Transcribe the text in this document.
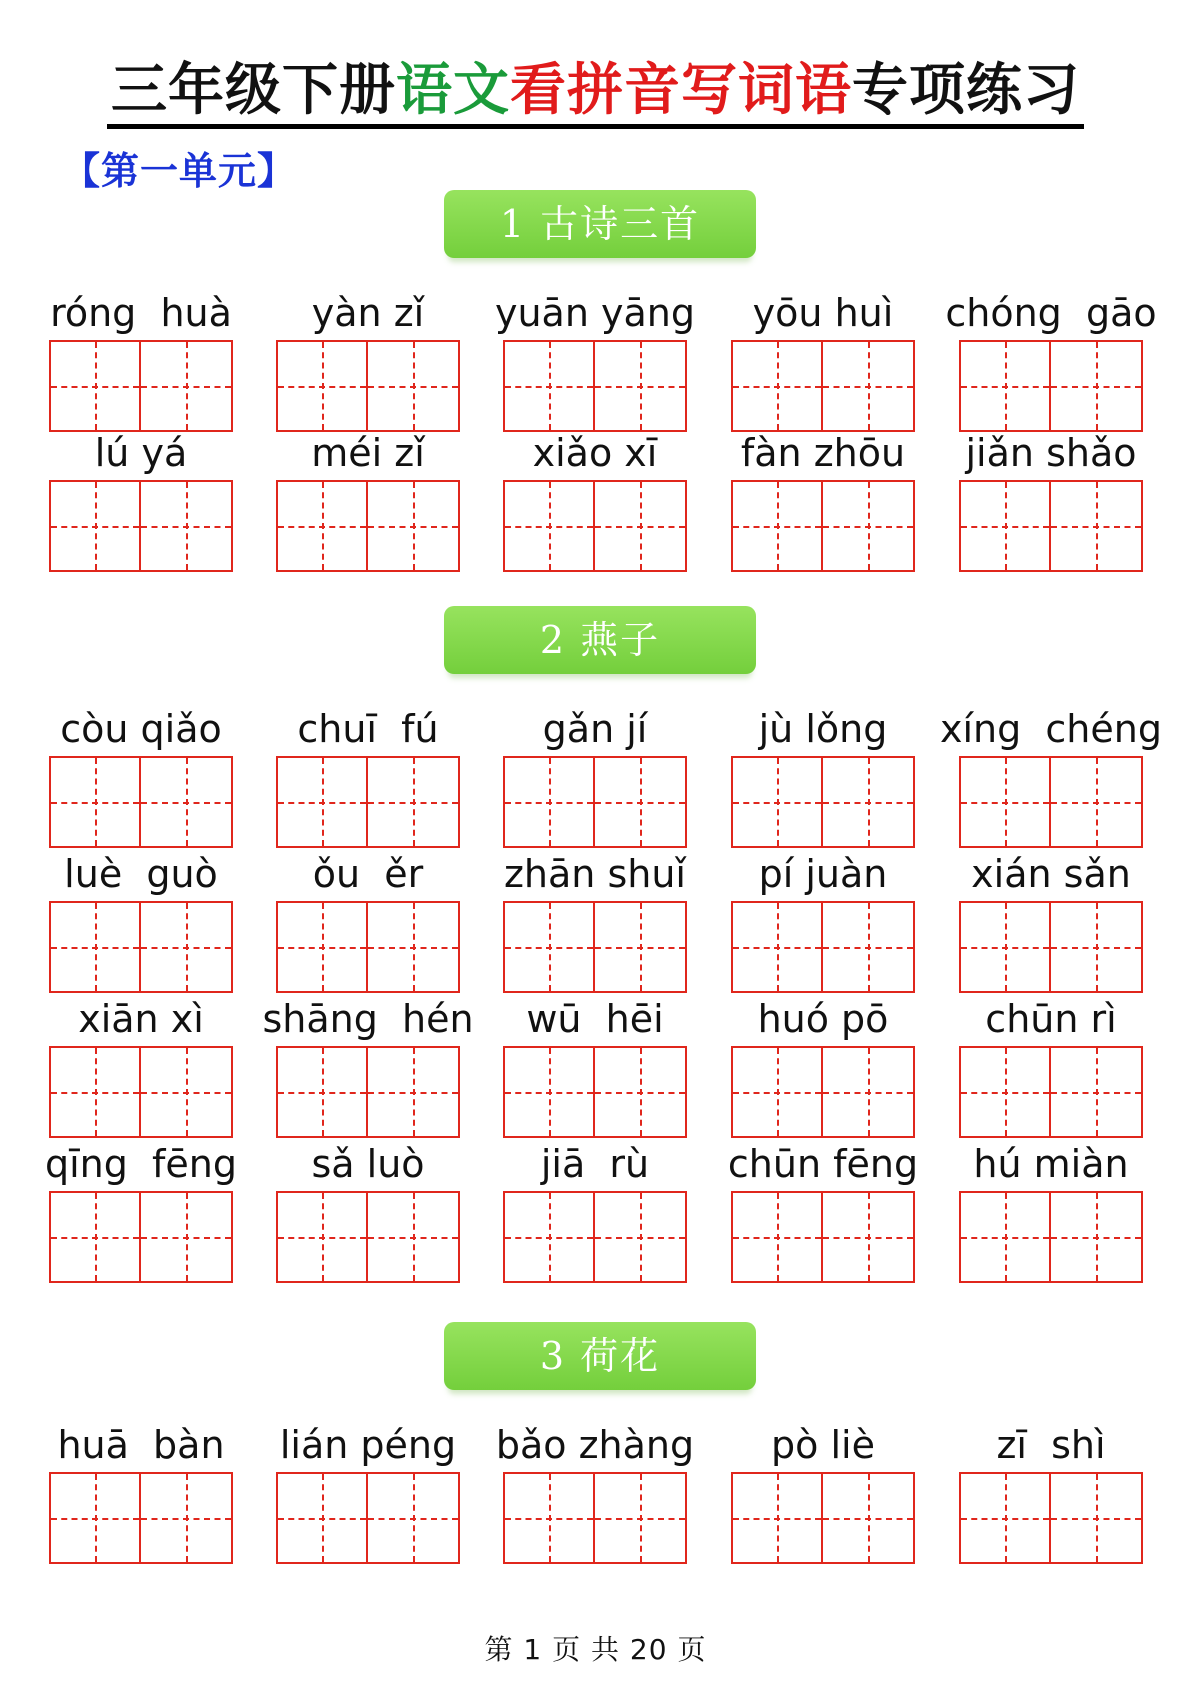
三年级下册语文看拼音写词语专项练习
【第一单元】
1 古诗三首
róng  huà	yàn zǐ	yuān yāng	yōu huì	chóng  gāo
lú yá	méi zǐ	xiǎo xī	fàn zhōu	jiǎn shǎo
2 燕子
còu qiǎo	chuī  fú	gǎn jí	jù lǒng	xíng  chéng
luè  guò	ǒu  ěr	zhān shuǐ	pí juàn	xián sǎn
xiān xì	shāng  hén	wū  hēi	huó pō	chūn rì
qīng  fēng	sǎ luò	jiā  rù	chūn fēng	hú miàn
3 荷花
huā  bàn	lián péng	bǎo zhàng	pò liè	zī  shì
第 1 页 共 20 页
